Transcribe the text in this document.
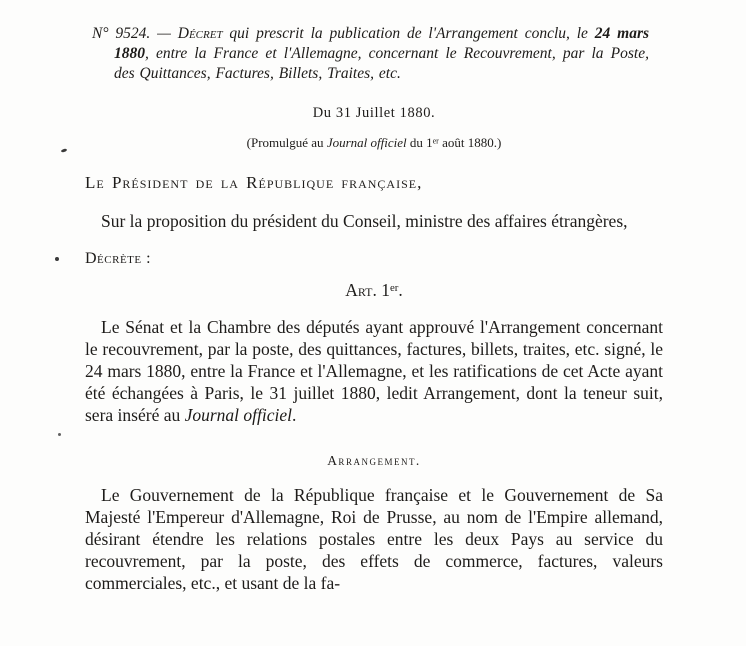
N° 9524. — Décret qui prescrit la publication de l'Arrangement conclu, le 24 mars 1880, entre la France et l'Allemagne, concernant le Recouvrement, par la Poste, des Quittances, Factures, Billets, Traites, etc.

Du 31 Juillet 1880.

(Promulgué au Journal officiel du 1er août 1880.)

Le Président de la République française,

Sur la proposition du président du Conseil, ministre des affaires étrangères,

Décrète :

Art. 1er.

Le Sénat et la Chambre des députés ayant approuvé l'Arrangement concernant le recouvrement, par la poste, des quittances, factures, billets, traites, etc. signé, le 24 mars 1880, entre la France et l'Allemagne, et les ratifications de cet Acte ayant été échangées à Paris, le 31 juillet 1880, ledit Arrangement, dont la teneur suit, sera inséré au Journal officiel.

Arrangement.

Le Gouvernement de la République française et le Gouvernement de Sa Majesté l'Empereur d'Allemagne, Roi de Prusse, au nom de l'Empire allemand, désirant étendre les relations postales entre les deux Pays au service du recouvrement, par la poste, des effets de commerce, factures, valeurs commerciales, etc., et usant de la fa-
